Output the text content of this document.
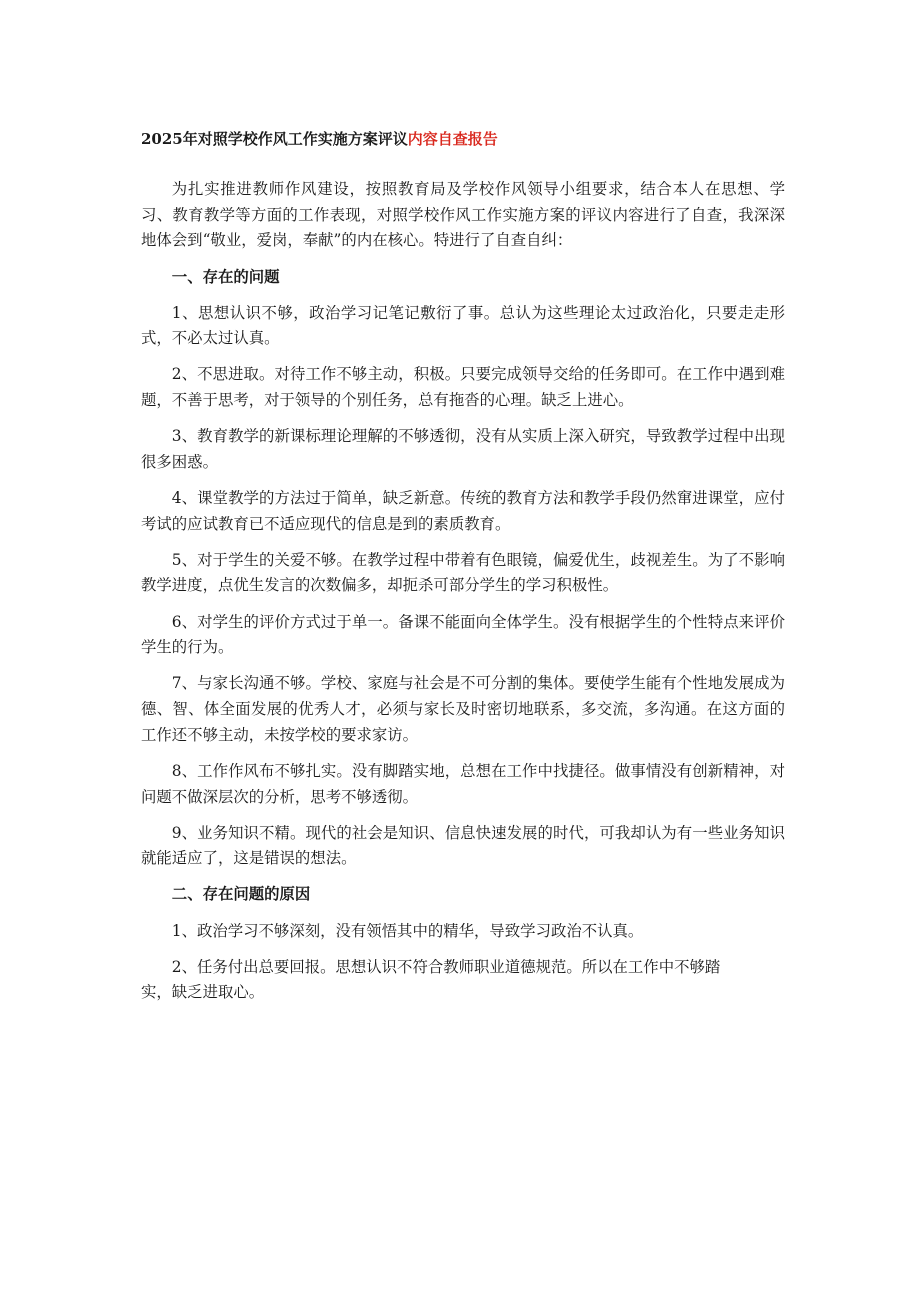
2025年对照学校作风工作实施方案评议内容自查报告

为扎实推进教师作风建设，按照教育局及学校作风领导小组要求，结合本人在思想、学习、教育教学等方面的工作表现，对照学校作风工作实施方案的评议内容进行了自查，我深深地体会到“敬业，爱岗，奉献”的内在核心。特进行了自查自纠：

一、存在的问题

1、思想认识不够，政治学习记笔记敷衍了事。总认为这些理论太过政治化，只要走走形式，不必太过认真。

2、不思进取。对待工作不够主动，积极。只要完成领导交给的任务即可。在工作中遇到难题，不善于思考，对于领导的个别任务，总有拖沓的心理。缺乏上进心。

3、教育教学的新课标理论理解的不够透彻，没有从实质上深入研究，导致教学过程中出现很多困惑。

4、课堂教学的方法过于简单，缺乏新意。传统的教育方法和教学手段仍然窜进课堂，应付考试的应试教育已不适应现代的信息是到的素质教育。

5、对于学生的关爱不够。在教学过程中带着有色眼镜，偏爱优生，歧视差生。为了不影响教学进度，点优生发言的次数偏多，却扼杀可部分学生的学习积极性。

6、对学生的评价方式过于单一。备课不能面向全体学生。没有根据学生的个性特点来评价学生的行为。

7、与家长沟通不够。学校、家庭与社会是不可分割的集体。要使学生能有个性地发展成为德、智、体全面发展的优秀人才，必须与家长及时密切地联系，多交流，多沟通。在这方面的工作还不够主动，未按学校的要求家访。

8、工作作风布不够扎实。没有脚踏实地，总想在工作中找捷径。做事情没有创新精神，对问题不做深层次的分析，思考不够透彻。

9、业务知识不精。现代的社会是知识、信息快速发展的时代，可我却认为有一些业务知识就能适应了，这是错误的想法。

二、存在问题的原因

1、政治学习不够深刻，没有领悟其中的精华，导致学习政治不认真。

2、任务付出总要回报。思想认识不符合教师职业道德规范。所以在工作中不够踏实，缺乏进取心。
